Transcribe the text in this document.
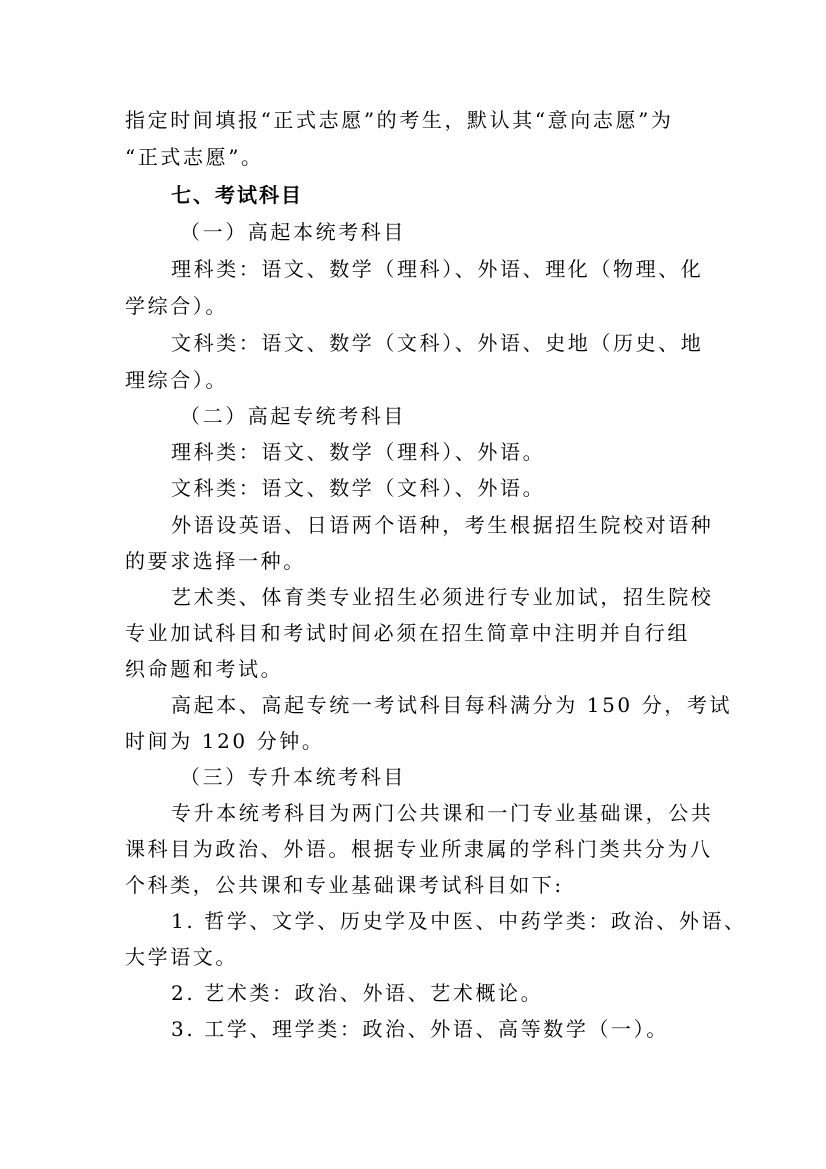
指定时间填报“正式志愿”的考生，默认其“意向志愿”为
“正式志愿”。
七、考试科目
（一）高起本统考科目
理科类：语文、数学（理科）、外语、理化（物理、化
学综合）。
文科类：语文、数学（文科）、外语、史地（历史、地
理综合）。
（二）高起专统考科目
理科类：语文、数学（理科）、外语。
文科类：语文、数学（文科）、外语。
外语设英语、日语两个语种，考生根据招生院校对语种
的要求选择一种。
艺术类、体育类专业招生必须进行专业加试，招生院校
专业加试科目和考试时间必须在招生简章中注明并自行组
织命题和考试。
高起本、高起专统一考试科目每科满分为 150 分，考试
时间为 120 分钟。
（三）专升本统考科目
专升本统考科目为两门公共课和一门专业基础课，公共
课科目为政治、外语。根据专业所隶属的学科门类共分为八
个科类，公共课和专业基础课考试科目如下:
1. 哲学、文学、历史学及中医、中药学类：政治、外语、
大学语文。
2. 艺术类：政治、外语、艺术概论。
3. 工学、理学类：政治、外语、高等数学（一）。
